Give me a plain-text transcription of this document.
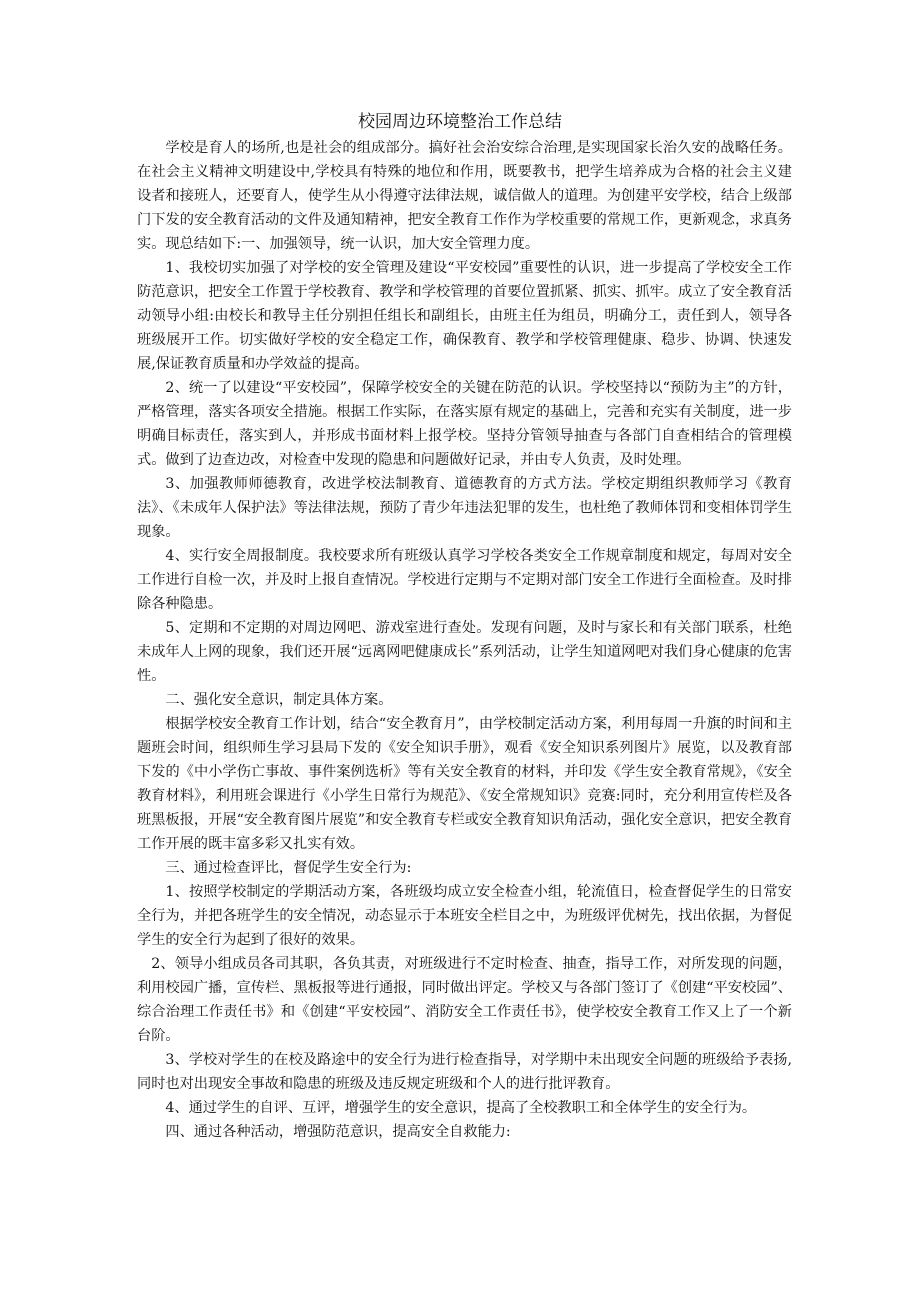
校园周边环境整治工作总结

学校是育人的场所,也是社会的组成部分。搞好社会治安综合治理,是实现国家长治久安的战略任务。在社会主义精神文明建设中,学校具有特殊的地位和作用，既要教书，把学生培养成为合格的社会主义建设者和接班人，还要育人，使学生从小得遵守法律法规，诚信做人的道理。为创建平安学校，结合上级部门下发的安全教育活动的文件及通知精神，把安全教育工作作为学校重要的常规工作，更新观念，求真务实。现总结如下:一、加强领导，统一认识，加大安全管理力度。

1、我校切实加强了对学校的安全管理及建设“平安校园”重要性的认识，进一步提高了学校安全工作防范意识，把安全工作置于学校教育、教学和学校管理的首要位置抓紧、抓实、抓牢。成立了安全教育活动领导小组:由校长和教导主任分别担任组长和副组长，由班主任为组员，明确分工，责任到人，领导各班级展开工作。切实做好学校的安全稳定工作，确保教育、教学和学校管理健康、稳步、协调、快速发展,保证教育质量和办学效益的提高。

2、统一了以建设“平安校园”，保障学校安全的关键在防范的认识。学校坚持以“预防为主”的方针，严格管理，落实各项安全措施。根据工作实际，在落实原有规定的基础上，完善和充实有关制度，进一步明确目标责任，落实到人，并形成书面材料上报学校。坚持分管领导抽查与各部门自查相结合的管理模式。做到了边查边改，对检查中发现的隐患和问题做好记录，并由专人负责，及时处理。

3、加强教师师德教育，改进学校法制教育、道德教育的方式方法。学校定期组织教师学习《教育法》、《未成年人保护法》等法律法规，预防了青少年违法犯罪的发生，也杜绝了教师体罚和变相体罚学生现象。

4、实行安全周报制度。我校要求所有班级认真学习学校各类安全工作规章制度和规定，每周对安全工作进行自检一次，并及时上报自查情况。学校进行定期与不定期对部门安全工作进行全面检查。及时排除各种隐患。

5、定期和不定期的对周边网吧、游戏室进行查处。发现有问题，及时与家长和有关部门联系，杜绝未成年人上网的现象，我们还开展“远离网吧健康成长”系列活动，让学生知道网吧对我们身心健康的危害性。

二、强化安全意识，制定具体方案。

根据学校安全教育工作计划，结合“安全教育月”，由学校制定活动方案，利用每周一升旗的时间和主题班会时间，组织师生学习县局下发的《安全知识手册》，观看《安全知识系列图片》展览，以及教育部下发的《中小学伤亡事故、事件案例选析》等有关安全教育的材料，并印发《学生安全教育常规》，《安全教育材料》，利用班会课进行《小学生日常行为规范》、《安全常规知识》竞赛:同时，充分利用宣传栏及各班黑板报，开展“安全教育图片展览”和安全教育专栏或安全教育知识角活动，强化安全意识，把安全教育工作开展的既丰富多彩又扎实有效。

三、通过检查评比，督促学生安全行为:

1、按照学校制定的学期活动方案，各班级均成立安全检查小组，轮流值日，检查督促学生的日常安全行为，并把各班学生的安全情况，动态显示于本班安全栏目之中，为班级评优树先，找出依据，为督促学生的安全行为起到了很好的效果。

2、领导小组成员各司其职，各负其责，对班级进行不定时检查、抽查，指导工作，对所发现的问题，利用校园广播，宣传栏、黑板报等进行通报，同时做出评定。学校又与各部门签订了《创建“平安校园”、综合治理工作责任书》和《创建“平安校园”、消防安全工作责任书》，使学校安全教育工作又上了一个新台阶。

3、学校对学生的在校及路途中的安全行为进行检查指导，对学期中未出现安全问题的班级给予表扬,同时也对出现安全事故和隐患的班级及违反规定班级和个人的进行批评教育。

4、通过学生的自评、互评，增强学生的安全意识，提高了全校教职工和全体学生的安全行为。

四、通过各种活动，增强防范意识，提高安全自救能力:
